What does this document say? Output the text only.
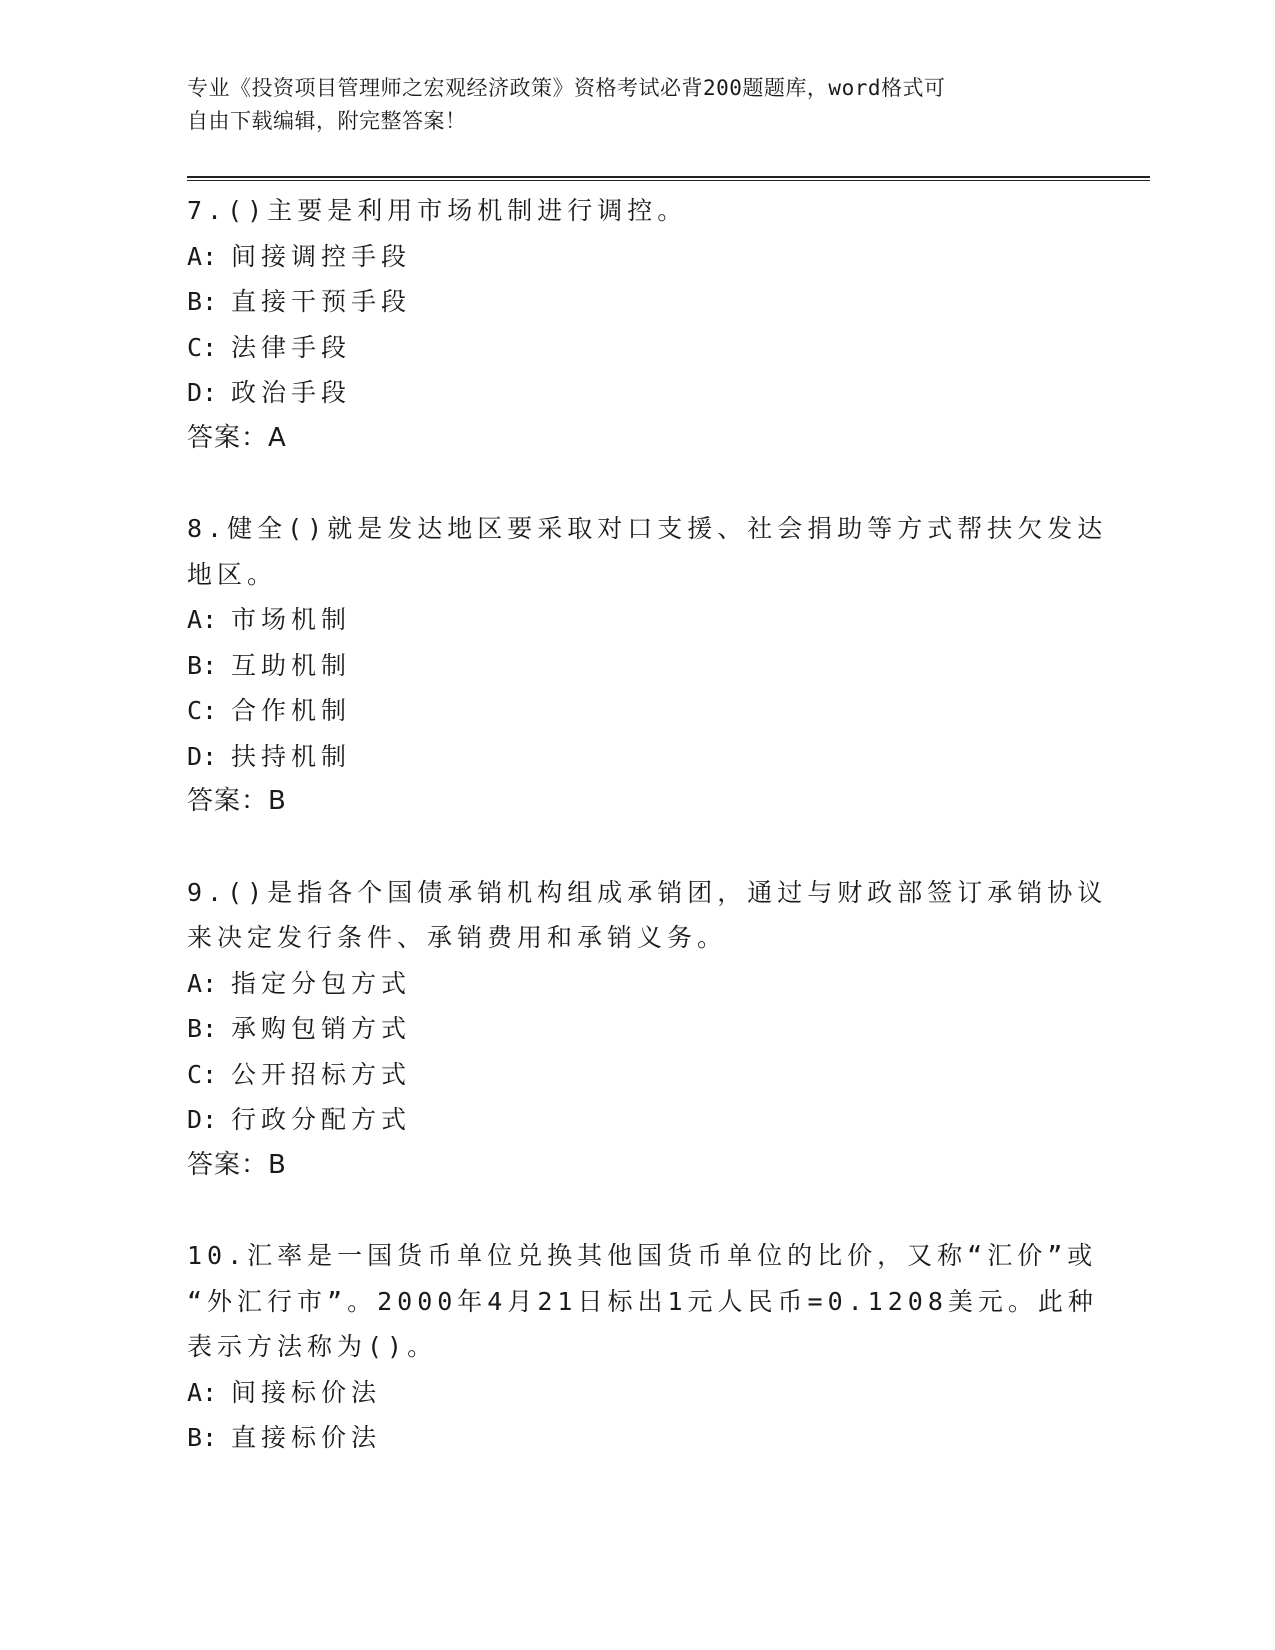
专业《投资项目管理师之宏观经济政策》资格考试必背200题题库，word格式可
自由下载编辑，附完整答案！
7.()主要是利用市场机制进行调控。
A: 间接调控手段
B: 直接干预手段
C: 法律手段
D: 政治手段
答案：A
8.健全()就是发达地区要采取对口支援、社会捐助等方式帮扶欠发达
地区。
A: 市场机制
B: 互助机制
C: 合作机制
D: 扶持机制
答案：B
9.()是指各个国债承销机构组成承销团，通过与财政部签订承销协议
来决定发行条件、承销费用和承销义务。
A: 指定分包方式
B: 承购包销方式
C: 公开招标方式
D: 行政分配方式
答案：B
10.汇率是一国货币单位兑换其他国货币单位的比价，又称“汇价”或
“外汇行市”。2000年4月21日标出1元人民币=0.1208美元。此种
表示方法称为()。
A: 间接标价法
B: 直接标价法
